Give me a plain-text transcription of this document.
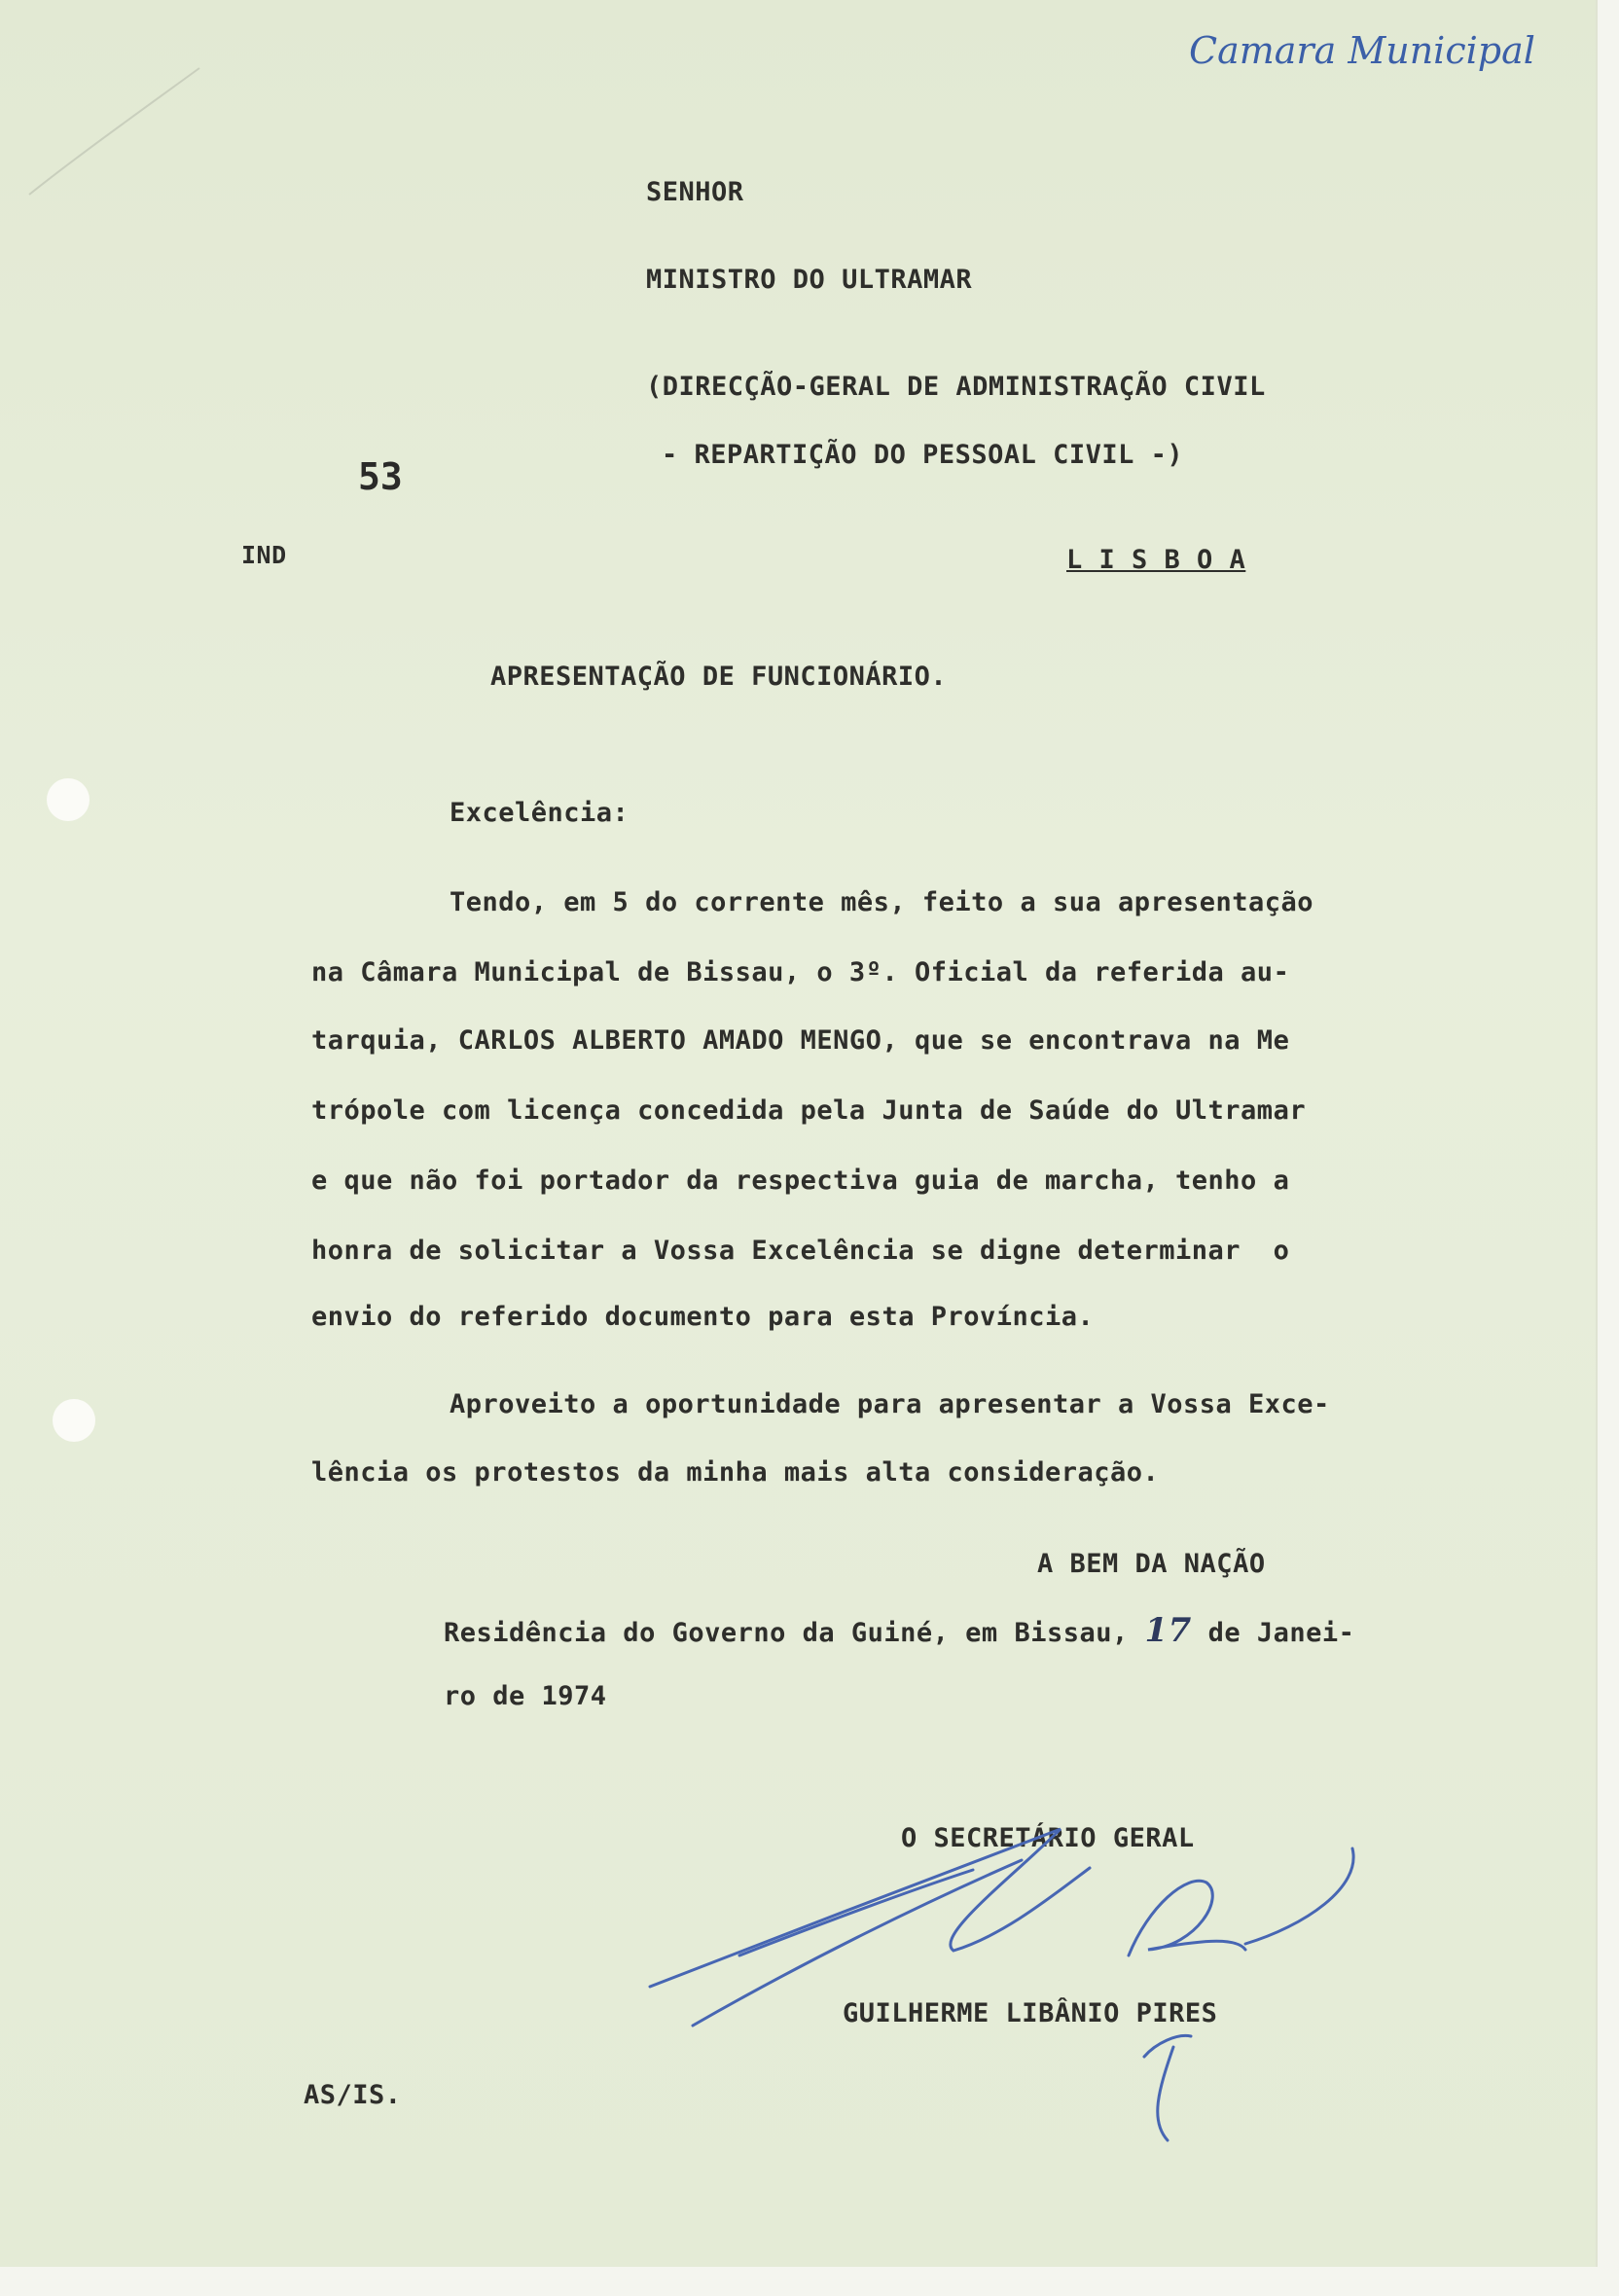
Camara Municipal
SENHOR
MINISTRO DO ULTRAMAR
(DIRECÇÃO-GERAL DE ADMINISTRAÇÃO CIVIL
- REPARTIÇÃO DO PESSOAL CIVIL -)
53
IND	L I S B O A
APRESENTAÇÃO DE FUNCIONÁRIO.
Excelência:
Tendo, em 5 do corrente mês, feito a sua apresentação
na Câmara Municipal de Bissau, o 3º. Oficial da referida au-
tarquia, CARLOS ALBERTO AMADO MENGO, que se encontrava na Me
trópole com licença concedida pela Junta de Saúde do Ultramar
e que não foi portador da respectiva guia de marcha, tenho a
honra de solicitar a Vossa Excelência se digne determinar  o
envio do referido documento para esta Província.
Aproveito a oportunidade para apresentar a Vossa Exce-
lência os protestos da minha mais alta consideração.
A BEM DA NAÇÃO
Residência do Governo da Guiné, em Bissau, 17 de Janei-
ro de 1974
O SECRETÁRIO GERAL
GUILHERME LIBÂNIO PIRES
AS/IS.
